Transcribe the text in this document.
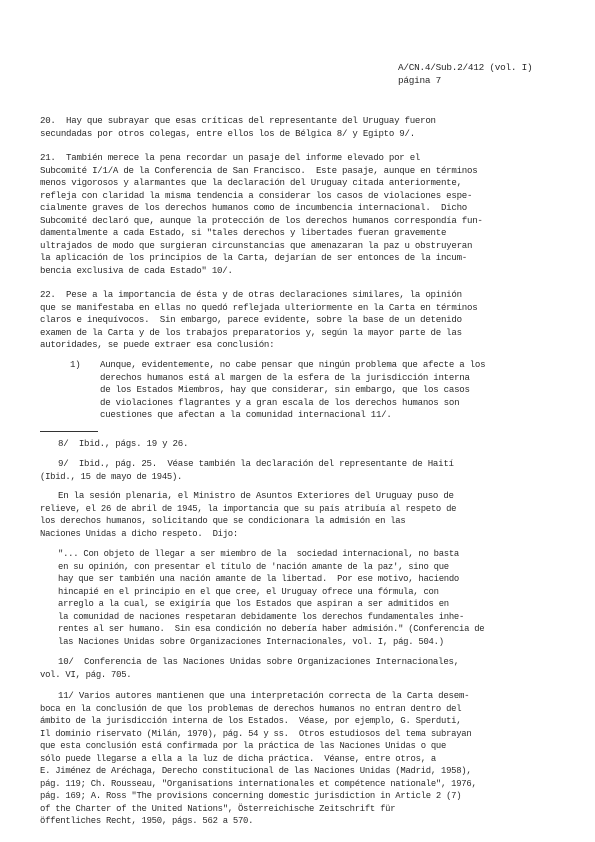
A/CN.4/Sub.2/412 (vol. I)
página 7
20.  Hay que subrayar que esas críticas del representante del Uruguay fueron
secundadas por otros colegas, entre ellos los de Bélgica 8/ y Egipto 9/.
21.  También merece la pena recordar un pasaje del informe elevado por el
Subcomité I/1/A de la Conferencia de San Francisco.  Este pasaje, aunque en términos
menos vigorosos y alarmantes que la declaración del Uruguay citada anteriormente,
refleja con claridad la misma tendencia a considerar los casos de violaciones espe-
cialmente graves de los derechos humanos como de incumbencia internacional.  Dicho
Subcomité declaró que, aunque la protección de los derechos humanos correspondía fun-
damentalmente a cada Estado, si "tales derechos y libertades fueran gravemente
ultrajados de modo que surgieran circunstancias que amenazaran la paz u obstruyeran
la aplicación de los principios de la Carta, dejarían de ser entonces de la incum-
bencia exclusiva de cada Estado" 10/.
22.  Pese a la importancia de ésta y de otras declaraciones similares, la opinión
que se manifestaba en ellas no quedó reflejada ulteriormente en la Carta en términos
claros e inequívocos.  Sin embargo, parece evidente, sobre la base de un detenido
examen de la Carta y de los trabajos preparatorios y, según la mayor parte de las
autoridades, se puede extraer esa conclusión:
1) Aunque, evidentemente, no cabe pensar que ningún problema que afecte a los
derechos humanos está al margen de la esfera de la jurisdicción interna
de los Estados Miembros, hay que considerar, sin embargo, que los casos
de violaciones flagrantes y a gran escala de los derechos humanos son
cuestiones que afectan a la comunidad internacional 11/.
8/  Ibid., págs. 19 y 26.
9/  Ibid., pág. 25.  Véase también la declaración del representante de Haití
(Ibid., 15 de mayo de 1945).
En la sesión plenaria, el Ministro de Asuntos Exteriores del Uruguay puso de
relieve, el 26 de abril de 1945, la importancia que su país atribuía al respeto de
los derechos humanos, solicitando que se condicionara la admisión en las
Naciones Unidas a dicho respeto.  Dijo:
"... Con objeto de llegar a ser miembro de la  sociedad internacional, no basta
en su opinión, con presentar el título de 'nación amante de la paz', sino que
hay que ser también una nación amante de la libertad.  Por ese motivo, haciendo
hincapié en el principio en el que cree, el Uruguay ofrece una fórmula, con
arreglo a la cual, se exigiría que los Estados que aspiran a ser admitidos en
la comunidad de naciones respetaran debidamente los derechos fundamentales inhe-
rentes al ser humano.  Sin esa condición no debería haber admisión." (Conferencia de
las Naciones Unidas sobre Organizaciones Internacionales, vol. I, pág. 504.)
10/  Conferencia de las Naciones Unidas sobre Organizaciones Internacionales,
vol. VI, pág. 705.
11/ Varios autores mantienen que una interpretación correcta de la Carta desem-
boca en la conclusión de que los problemas de derechos humanos no entran dentro del
ámbito de la jurisdicción interna de los Estados.  Véase, por ejemplo, G. Sperduti,
Il dominio riservato (Milán, 1970), pág. 54 y ss.  Otros estudiosos del tema subrayan
que esta conclusión está confirmada por la práctica de las Naciones Unidas o que
sólo puede llegarse a ella a la luz de dicha práctica.  Véanse, entre otros, a
E. Jiménez de Aréchaga, Derecho constitucional de las Naciones Unidas (Madrid, 1958),
pág. 119; Ch. Rousseau, "Organisations internationales et compétence nationale", 1976,
pág. 169; A. Ross "The provisions concerning domestic jurisdiction in Article 2 (7)
of the Charter of the United Nations", Österreichische Zeitschrift für
öffentliches Recht, 1950, págs. 562 a 570.
